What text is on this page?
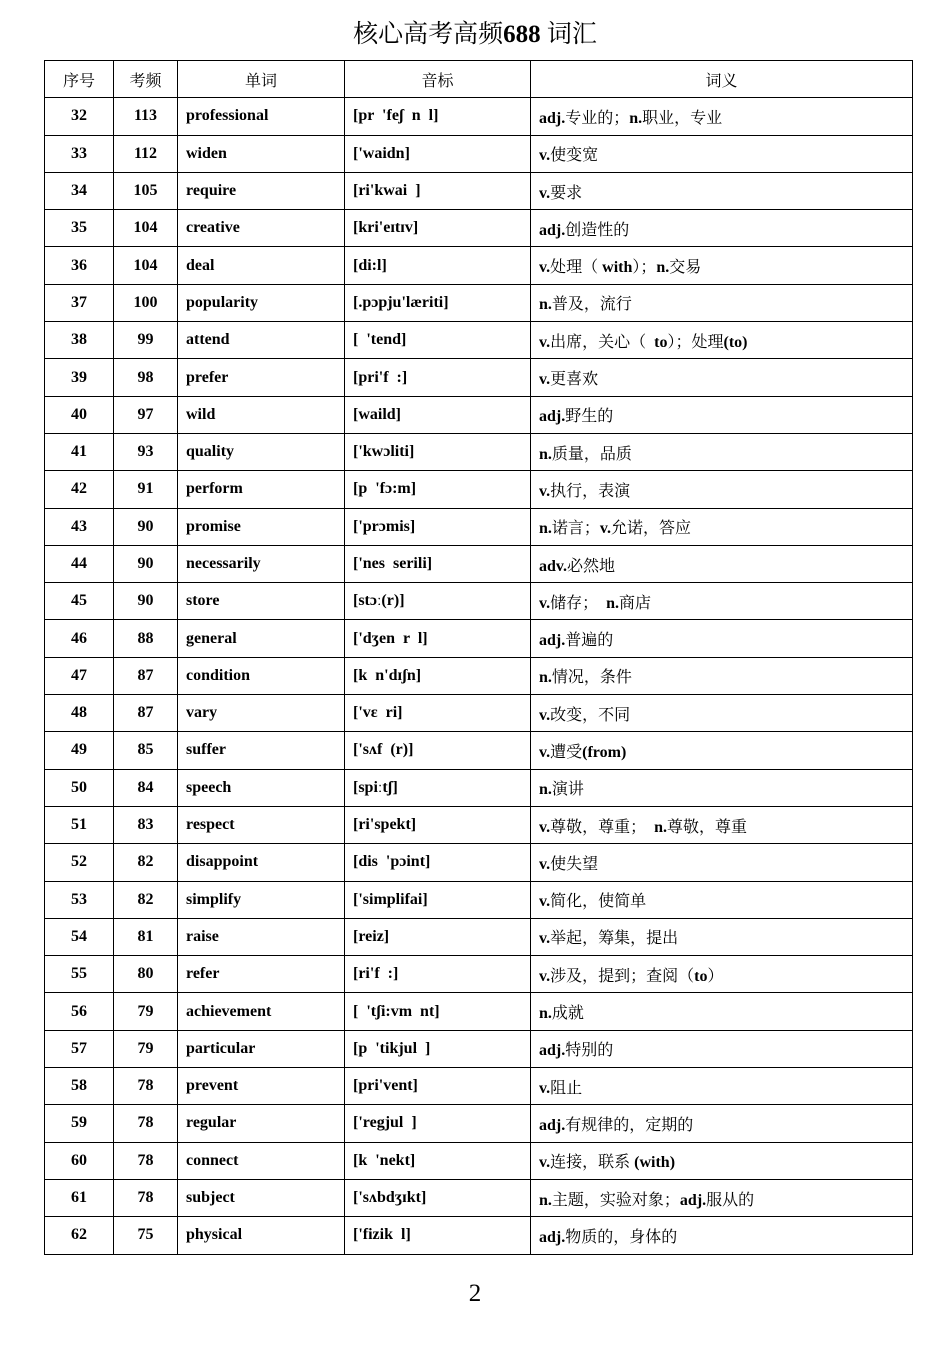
核心高考高频688 词汇
序号	考频	单词	音标	词义
32	113	professional	[pr  'feʃ  n  l]	adj.专业的；n.职业，专业
33	112	widen	['waidn]	v.使变宽
34	105	require	[ri'kwai  ]	v.要求
35	104	creative	[kri'eɪtɪv]	adj.创造性的
36	104	deal	[di:l]	v.处理（ with）；n.交易
37	100	popularity	[.pɔpju'læriti]	n.普及，流行
38	99	attend	[  'tend]	v.出席，关心（  to）；处理(to)
39	98	prefer	[pri'f  :]	v.更喜欢
40	97	wild	[waild]	adj.野生的
41	93	quality	['kwɔliti]	n.质量，品质
42	91	perform	[p  'fɔ:m]	v.执行，表演
43	90	promise	['prɔmis]	n.诺言；v.允诺，答应
44	90	necessarily	['nes  serili]	adv.必然地
45	90	store	[stɔː(r)]	v.储存；  n.商店
46	88	general	['dʒen  r  l]	adj.普遍的
47	87	condition	[k  n'dɪʃn]	n.情况，条件
48	87	vary	['vɛ  ri]	v.改变，不同
49	85	suffer	['sʌf  (r)]	v.遭受(from)
50	84	speech	[spiːtʃ]	n.演讲
51	83	respect	[ri'spekt]	v.尊敬，尊重；  n.尊敬，尊重
52	82	disappoint	[dis  'pɔint]	v.使失望
53	82	simplify	['simplifai]	v.简化，使简单
54	81	raise	[reiz]	v.举起，筹集，提出
55	80	refer	[ri'f  :]	v.涉及，提到；查阅（to）
56	79	achievement	[  'tʃi:vm  nt]	n.成就
57	79	particular	[p  'tikjul  ]	adj.特别的
58	78	prevent	[pri'vent]	v.阻止
59	78	regular	['regjul  ]	adj.有规律的，定期的
60	78	connect	[k  'nekt]	v.连接，联系 (with)
61	78	subject	['sʌbdʒɪkt]	n.主题，实验对象；adj.服从的
62	75	physical	['fizik  l]	adj.物质的，身体的
2
